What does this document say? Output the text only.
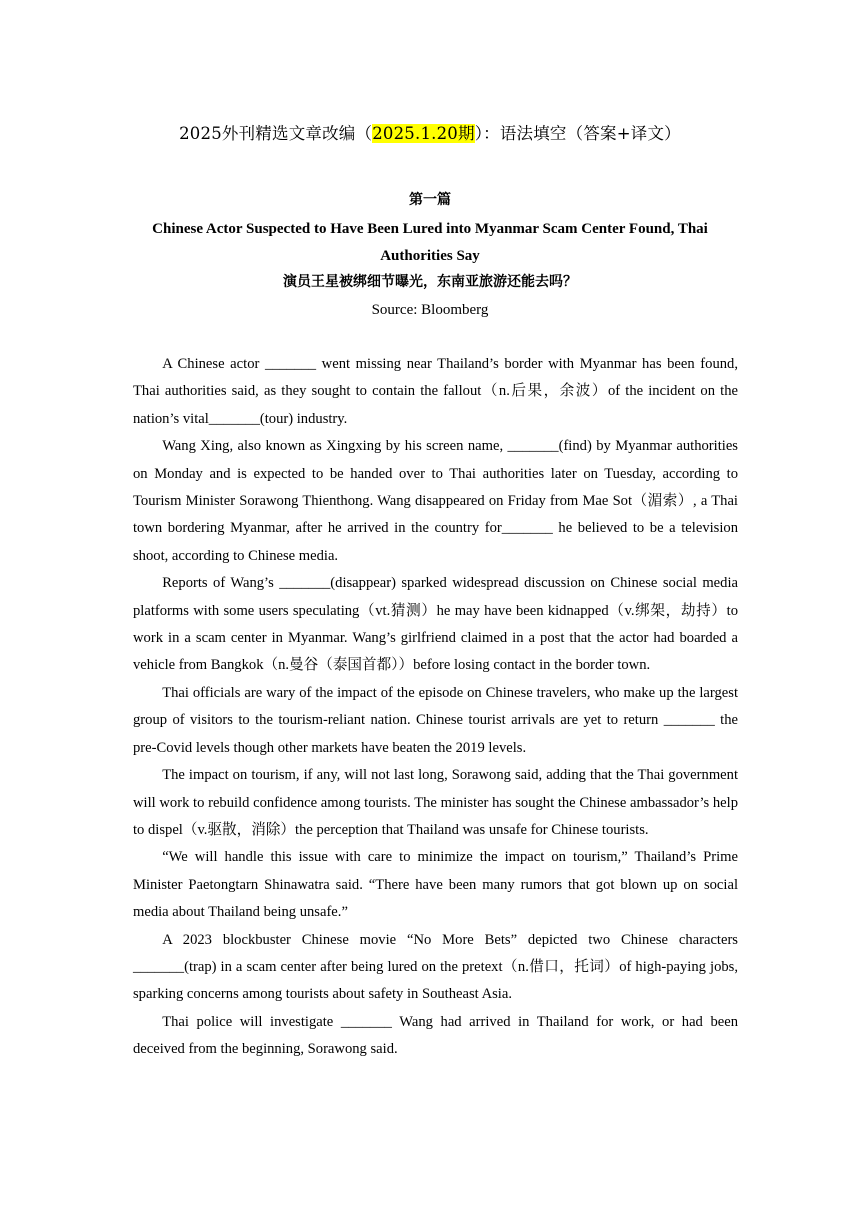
2025外刊精选文章改编（2025.1.20期）：语法填空（答案+译文）
第一篇
Chinese Actor Suspected to Have Been Lured into Myanmar Scam Center Found, Thai Authorities Say
演员王星被绑细节曝光，东南亚旅游还能去吗？
Source: Bloomberg

A Chinese actor _______ went missing near Thailand’s border with Myanmar has been found, Thai authorities said, as they sought to contain the fallout（n.后果，余波）of the incident on the nation’s vital_______(tour) industry.

Wang Xing, also known as Xingxing by his screen name, _______(find) by Myanmar authorities on Monday and is expected to be handed over to Thai authorities later on Tuesday, according to Tourism Minister Sorawong Thienthong. Wang disappeared on Friday from Mae Sot（湄索）, a Thai town bordering Myanmar, after he arrived in the country for_______ he believed to be a television shoot, according to Chinese media.

Reports of Wang’s _______(disappear) sparked widespread discussion on Chinese social media platforms with some users speculating（vt.猜测）he may have been kidnapped（v.绑架，劫持）to work in a scam center in Myanmar. Wang’s girlfriend claimed in a post that the actor had boarded a vehicle from Bangkok（n.曼谷（泰国首都））before losing contact in the border town.

Thai officials are wary of the impact of the episode on Chinese travelers, who make up the largest group of visitors to the tourism-reliant nation. Chinese tourist arrivals are yet to return _______ the pre-Covid levels though other markets have beaten the 2019 levels.

The impact on tourism, if any, will not last long, Sorawong said, adding that the Thai government will work to rebuild confidence among tourists. The minister has sought the Chinese ambassador’s help to dispel（v.驱散，消除）the perception that Thailand was unsafe for Chinese tourists.

“We will handle this issue with care to minimize the impact on tourism,” Thailand’s Prime Minister Paetongtarn Shinawatra said. “There have been many rumors that got blown up on social media about Thailand being unsafe.”

A 2023 blockbuster Chinese movie “No More Bets” depicted two Chinese characters _______(trap) in a scam center after being lured on the pretext（n.借口，托词）of high-paying jobs, sparking concerns among tourists about safety in Southeast Asia.

Thai police will investigate _______ Wang had arrived in Thailand for work, or had been deceived from the beginning, Sorawong said.
